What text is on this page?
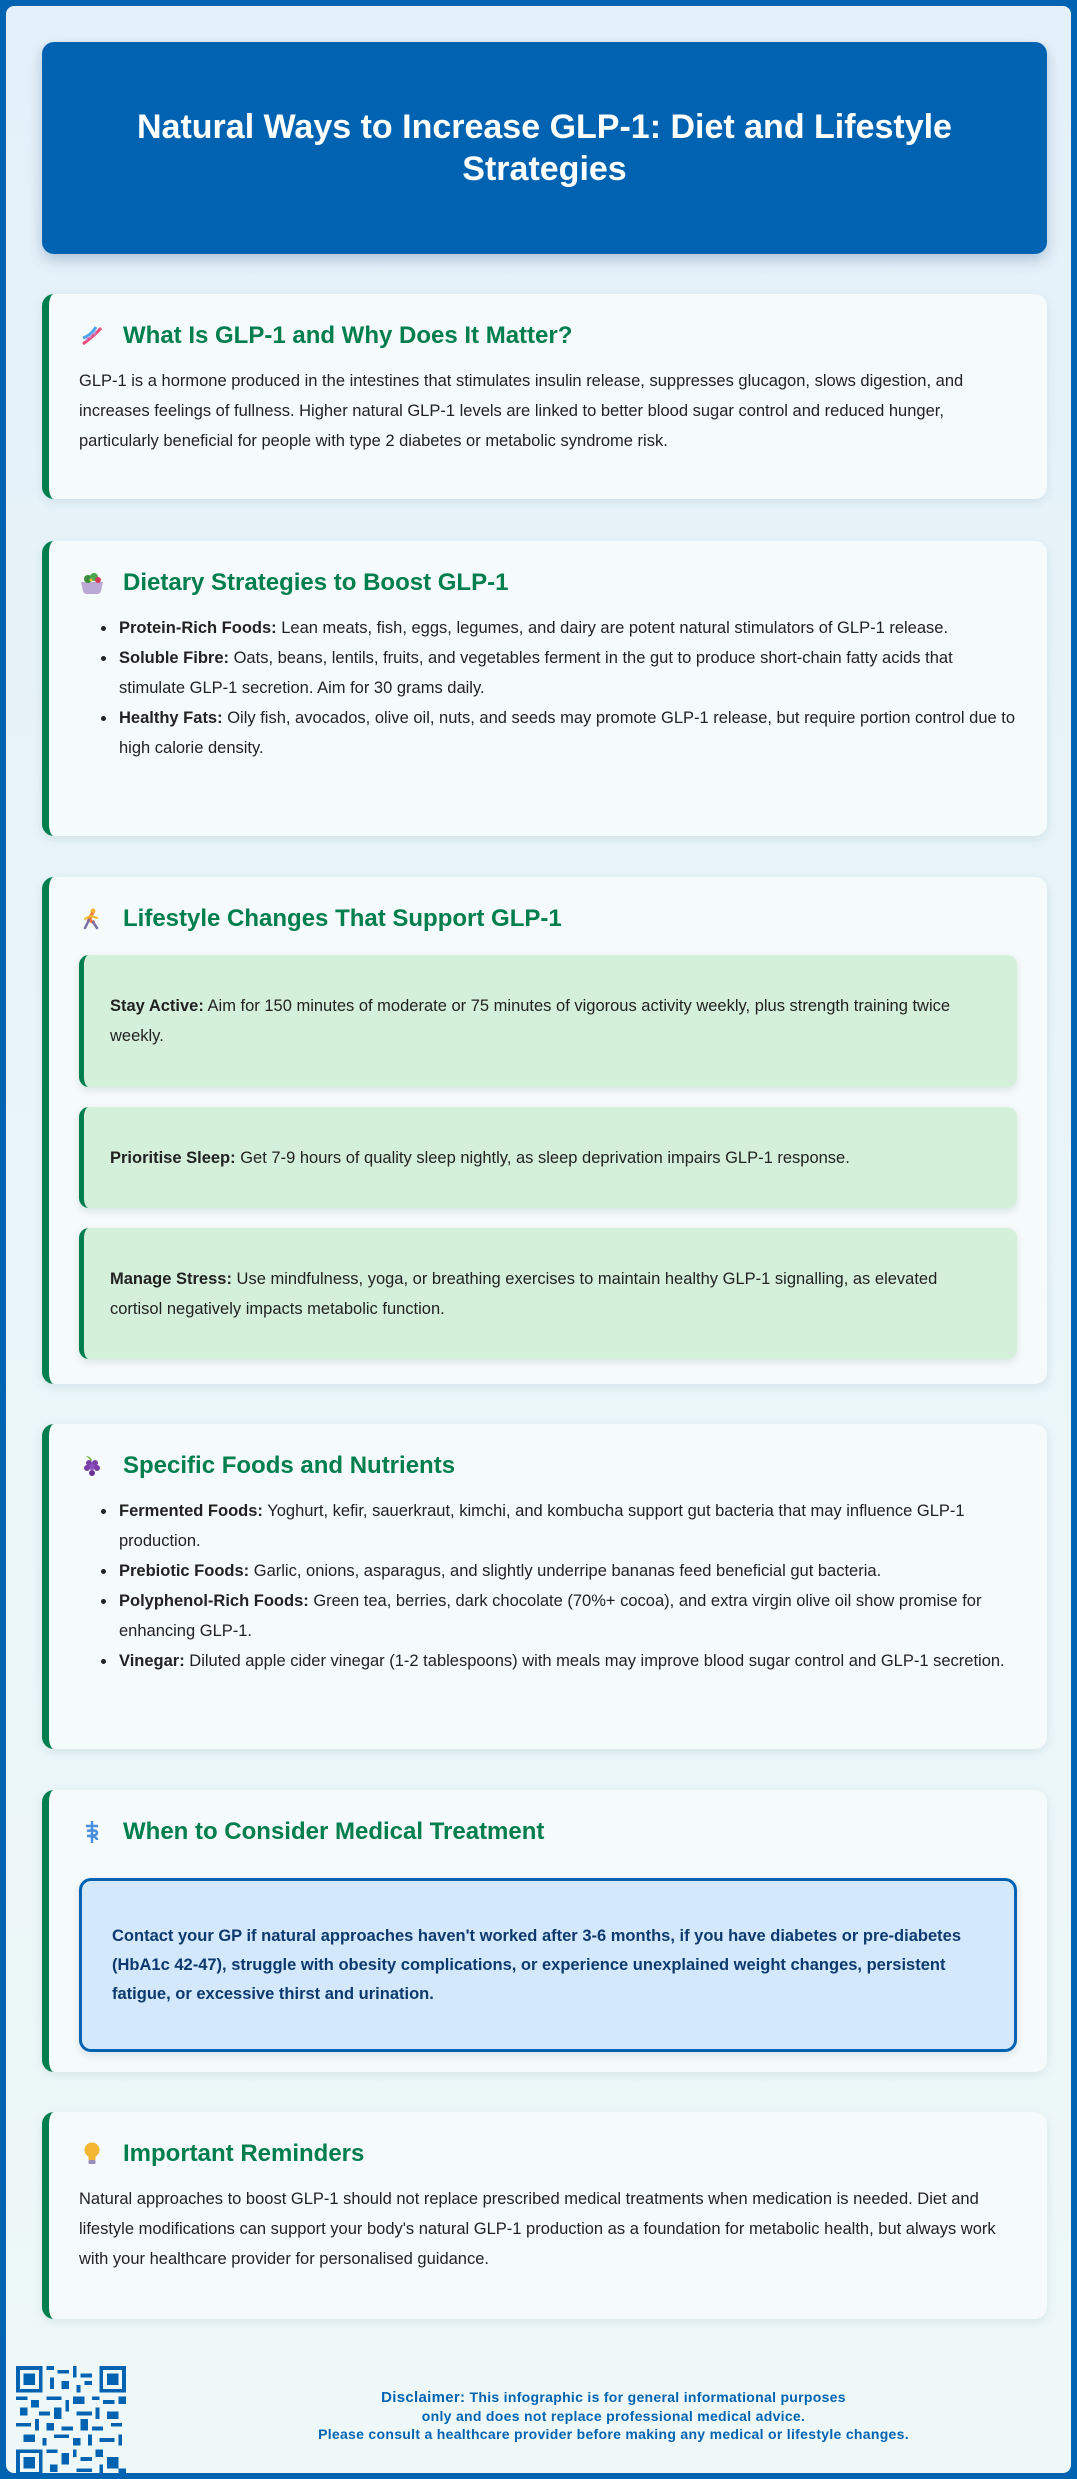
Natural Ways to Increase GLP-1: Diet and Lifestyle Strategies
What Is GLP-1 and Why Does It Matter?

GLP-1 is a hormone produced in the intestines that stimulates insulin release, suppresses glucagon, slows digestion, and increases feelings of fullness. Higher natural GLP-1 levels are linked to better blood sugar control and reduced hunger, particularly beneficial for people with type 2 diabetes or metabolic syndrome risk.

Dietary Strategies to Boost GLP-1
Protein-Rich Foods: Lean meats, fish, eggs, legumes, and dairy are potent natural stimulators of GLP-1 release.
Soluble Fibre: Oats, beans, lentils, fruits, and vegetables ferment in the gut to produce short-chain fatty acids that stimulate GLP-1 secretion. Aim for 30 grams daily.
Healthy Fats: Oily fish, avocados, olive oil, nuts, and seeds may promote GLP-1 release, but require portion control due to high calorie density.
Lifestyle Changes That Support GLP-1

Stay Active: Aim for 150 minutes of moderate or 75 minutes of vigorous activity weekly, plus strength training twice weekly.

Prioritise Sleep: Get 7-9 hours of quality sleep nightly, as sleep deprivation impairs GLP-1 response.

Manage Stress: Use mindfulness, yoga, or breathing exercises to maintain healthy GLP-1 signalling, as elevated cortisol negatively impacts metabolic function.

Specific Foods and Nutrients
Fermented Foods: Yoghurt, kefir, sauerkraut, kimchi, and kombucha support gut bacteria that may influence GLP-1 production.
Prebiotic Foods: Garlic, onions, asparagus, and slightly underripe bananas feed beneficial gut bacteria.
Polyphenol-Rich Foods: Green tea, berries, dark chocolate (70%+ cocoa), and extra virgin olive oil show promise for enhancing GLP-1.
Vinegar: Diluted apple cider vinegar (1-2 tablespoons) with meals may improve blood sugar control and GLP-1 secretion.
When to Consider Medical Treatment

Contact your GP if natural approaches haven't worked after 3-6 months, if you have diabetes or pre-diabetes (HbA1c 42-47), struggle with obesity complications, or experience unexplained weight changes, persistent fatigue, or excessive thirst and urination.

Important Reminders

Natural approaches to boost GLP-1 should not replace prescribed medical treatments when medication is needed. Diet and lifestyle modifications can support your body's natural GLP-1 production as a foundation for metabolic health, but always work with your healthcare provider for personalised guidance.

Disclaimer: This infographic is for general informational purposes
only and does not replace professional medical advice.
Please consult a healthcare provider before making any medical or lifestyle changes.
